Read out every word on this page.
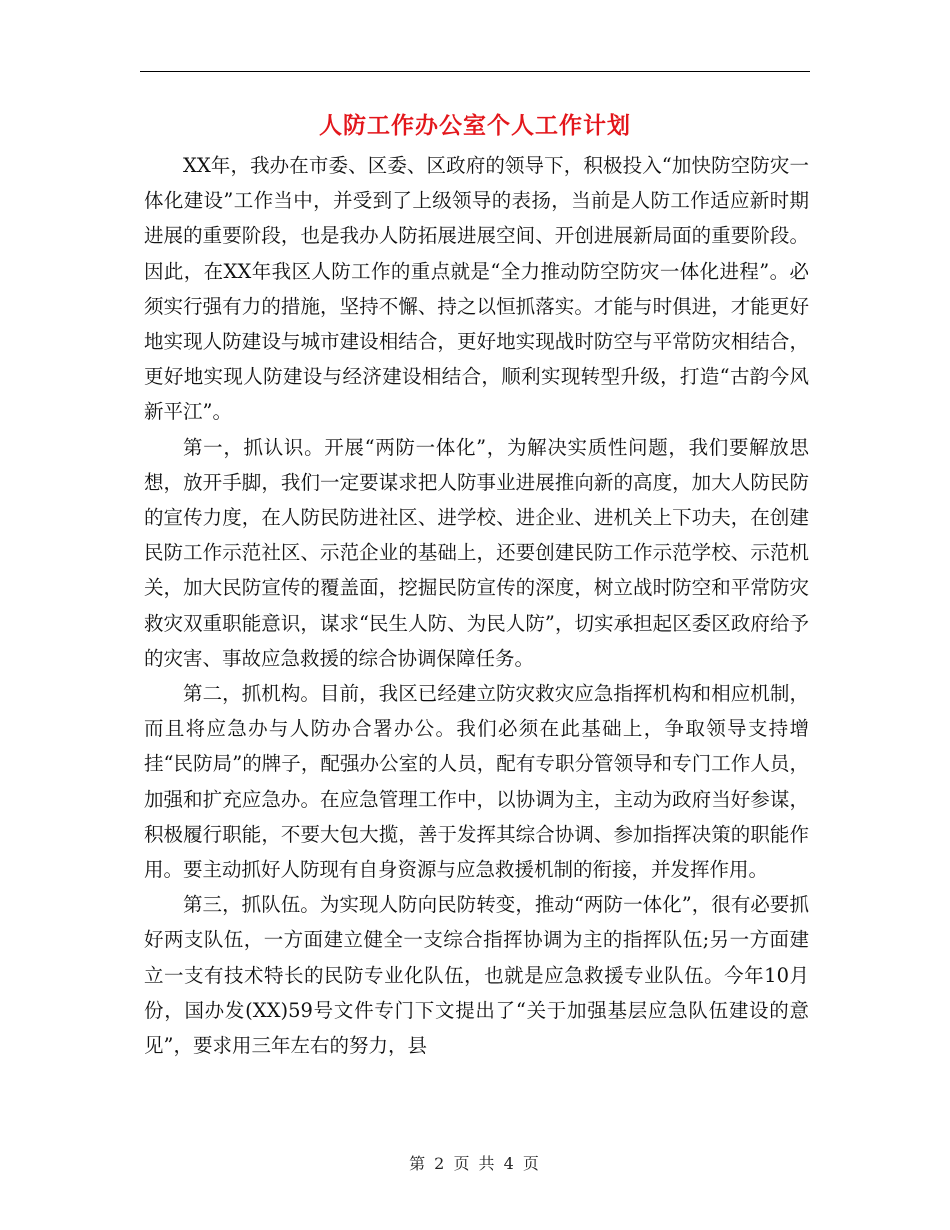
人防工作办公室个人工作计划

XX年，我办在市委、区委、区政府的领导下，积极投入“加快防空防灾一体化建设”工作当中，并受到了上级领导的表扬，当前是人防工作适应新时期进展的重要阶段，也是我办人防拓展进展空间、开创进展新局面的重要阶段。因此，在XX年我区人防工作的重点就是“全力推动防空防灾一体化进程”。必须实行强有力的措施，坚持不懈、持之以恒抓落实。才能与时俱进，才能更好地实现人防建设与城市建设相结合，更好地实现战时防空与平常防灾相结合，更好地实现人防建设与经济建设相结合，顺利实现转型升级，打造“古韵今风新平江”。

第一，抓认识。开展“两防一体化”，为解决实质性问题，我们要解放思想，放开手脚，我们一定要谋求把人防事业进展推向新的高度，加大人防民防的宣传力度，在人防民防进社区、进学校、进企业、进机关上下功夫，在创建民防工作示范社区、示范企业的基础上，还要创建民防工作示范学校、示范机关，加大民防宣传的覆盖面，挖掘民防宣传的深度，树立战时防空和平常防灾救灾双重职能意识，谋求“民生人防、为民人防”，切实承担起区委区政府给予的灾害、事故应急救援的综合协调保障任务。

第二，抓机构。目前，我区已经建立防灾救灾应急指挥机构和相应机制，而且将应急办与人防办合署办公。我们必须在此基础上，争取领导支持增挂“民防局”的牌子，配强办公室的人员，配有专职分管领导和专门工作人员，加强和扩充应急办。在应急管理工作中，以协调为主，主动为政府当好参谋，积极履行职能，不要大包大揽，善于发挥其综合协调、参加指挥决策的职能作用。要主动抓好人防现有自身资源与应急救援机制的衔接，并发挥作用。

第三，抓队伍。为实现人防向民防转变，推动“两防一体化”，很有必要抓好两支队伍，一方面建立健全一支综合指挥协调为主的指挥队伍;另一方面建立一支有技术特长的民防专业化队伍，也就是应急救援专业队伍。今年10月份，国办发(XX)59号文件专门下文提出了“关于加强基层应急队伍建设的意见”，要求用三年左右的努力，县

第 2 页 共 4 页
